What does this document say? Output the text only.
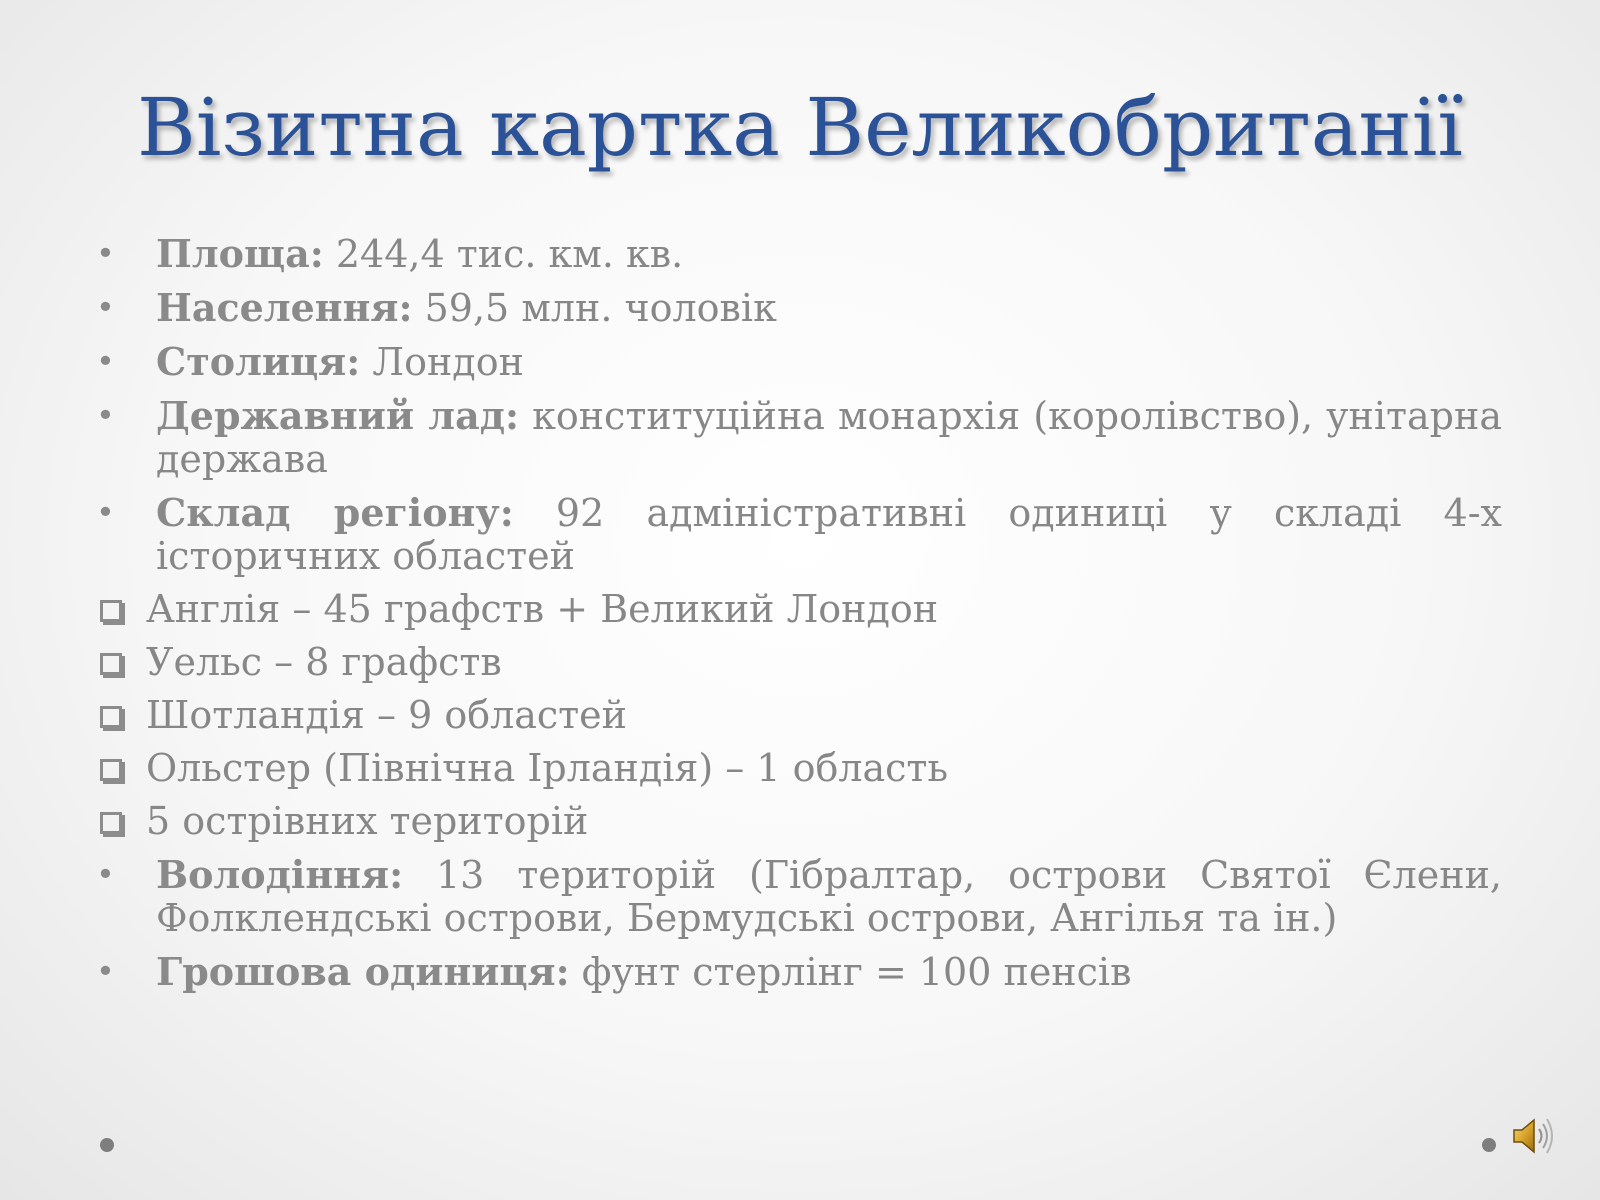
Візитна картка Великобританії
• Площа: 244,4 тис. км. кв.
• Населення: 59,5 млн. чоловік
• Столиця: Лондон
• Державний лад: конституційна монархія (королівство), унітарна держава
• Склад регіону: 92 адміністративні одиниці у складі 4-х історичних областей
Англія – 45 графств + Великий Лондон
Уельс – 8 графств
Шотландія – 9 областей
Ольстер (Північна Ірландія) – 1 область
5 острівних територій
• Володіння: 13 територій (Гібралтар, острови Святої Єлени, Фолклендські острови, Бермудські острови, Ангілья та ін.)
• Грошова одиниця: фунт стерлінг = 100 пенсів
